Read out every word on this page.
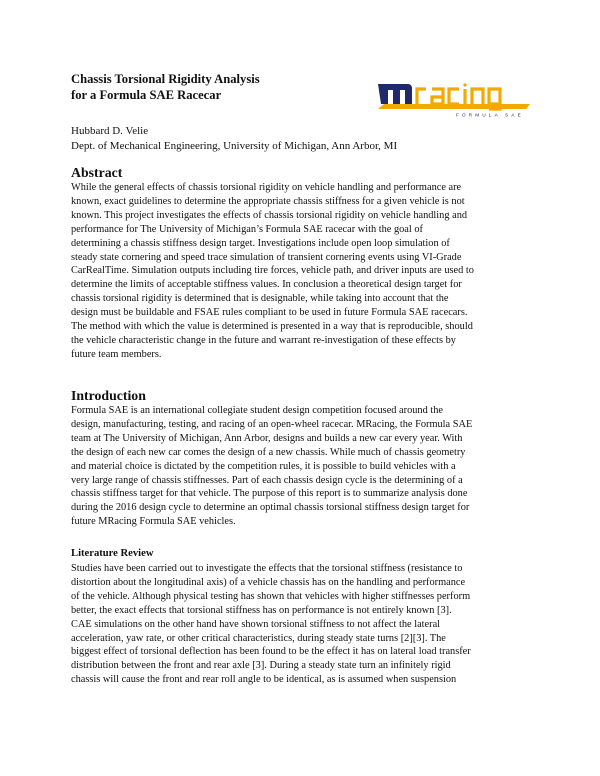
Chassis Torsional Rigidity Analysis
for a Formula SAE Racecar
FORMULA SAE
Hubbard D. Velie
Dept. of Mechanical Engineering, University of Michigan, Ann Arbor, MI
Abstract
While the general effects of chassis torsional rigidity on vehicle handling and performance are
known, exact guidelines to determine the appropriate chassis stiffness for a given vehicle is not
known. This project investigates the effects of chassis torsional rigidity on vehicle handling and
performance for The University of Michigan’s Formula SAE racecar with the goal of
determining a chassis stiffness design target. Investigations include open loop simulation of
steady state cornering and speed trace simulation of transient cornering events using VI-Grade
CarRealTime. Simulation outputs including tire forces, vehicle path, and driver inputs are used to
determine the limits of acceptable stiffness values. In conclusion a theoretical design target for
chassis torsional rigidity is determined that is designable, while taking into account that the
design must be buildable and FSAE rules compliant to be used in future Formula SAE racecars.
The method with which the value is determined is presented in a way that is reproducible, should
the vehicle characteristic change in the future and warrant re-investigation of these effects by
future team members.
Introduction
Formula SAE is an international collegiate student design competition focused around the
design, manufacturing, testing, and racing of an open-wheel racecar. MRacing, the Formula SAE
team at The University of Michigan, Ann Arbor, designs and builds a new car every year. With
the design of each new car comes the design of a new chassis. While much of chassis geometry
and material choice is dictated by the competition rules, it is possible to build vehicles with a
very large range of chassis stiffnesses. Part of each chassis design cycle is the determining of a
chassis stiffness target for that vehicle. The purpose of this report is to summarize analysis done
during the 2016 design cycle to determine an optimal chassis torsional stiffness design target for
future MRacing Formula SAE vehicles.
Literature Review
Studies have been carried out to investigate the effects that the torsional stiffness (resistance to
distortion about the longitudinal axis) of a vehicle chassis has on the handling and performance
of the vehicle. Although physical testing has shown that vehicles with higher stiffnesses perform
better, the exact effects that torsional stiffness has on performance is not entirely known [3].
CAE simulations on the other hand have shown torsional stiffness to not affect the lateral
acceleration, yaw rate, or other critical characteristics, during steady state turns [2][3]. The
biggest effect of torsional deflection has been found to be the effect it has on lateral load transfer
distribution between the front and rear axle [3]. During a steady state turn an infinitely rigid
chassis will cause the front and rear roll angle to be identical, as is assumed when suspension
